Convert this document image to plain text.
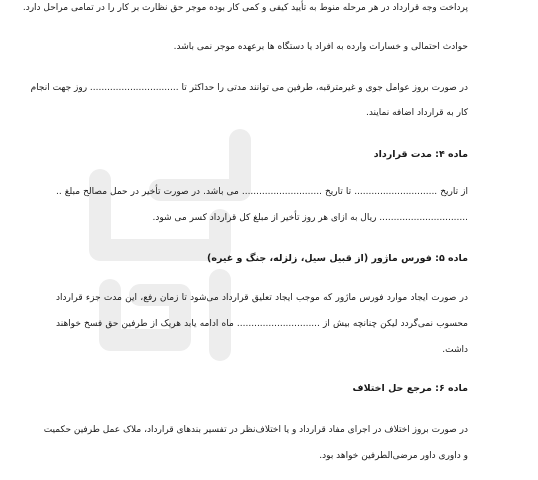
پرداخت وجه قرارداد در هر مرحله منوط به تأیید کیفی و کمی کار بوده موجر حق نظارت بر کار را در تمامی مراحل دارد.
حوادث احتمالی و خسارات وارده به افراد یا دستگاه ها برعهده موجر نمی باشد.
در صورت بروز عوامل جوی و غیرمترقبه، طرفین می توانند مدتی را حداکثر تا ............................... روز جهت انجام
کار به قرارداد اضافه نمایند.
ماده ۴: مدت قرارداد
از تاریخ ............................. تا تاریخ ............................ می باشد. در صورت تأخیر در حمل مصالح مبلغ ..
............................... ریال به ازای هر روز تأخیر از مبلغ کل قرارداد کسر می شود.
ماده ۵: فورس ماژور (از قبیل سیل، زلزله، جنگ و غیره)
در صورت ایجاد موارد فورس ماژور که موجب ایجاد تعلیق قرارداد می‌شود تا زمان رفع، این مدت جزء قرارداد
محسوب نمی‌گردد لیکن چنانچه بیش از ............................. ماه ادامه یابد هریک از طرفین حق فسخ خواهند
داشت.
ماده ۶: مرجع حل اختلاف
در صورت بروز اختلاف در اجرای مفاد قرارداد و یا اختلاف‌نظر در تفسیر بندهای قرارداد، ملاک عمل طرفین حکمیت
و داوری داور مرضی‌الطرفین خواهد بود.
